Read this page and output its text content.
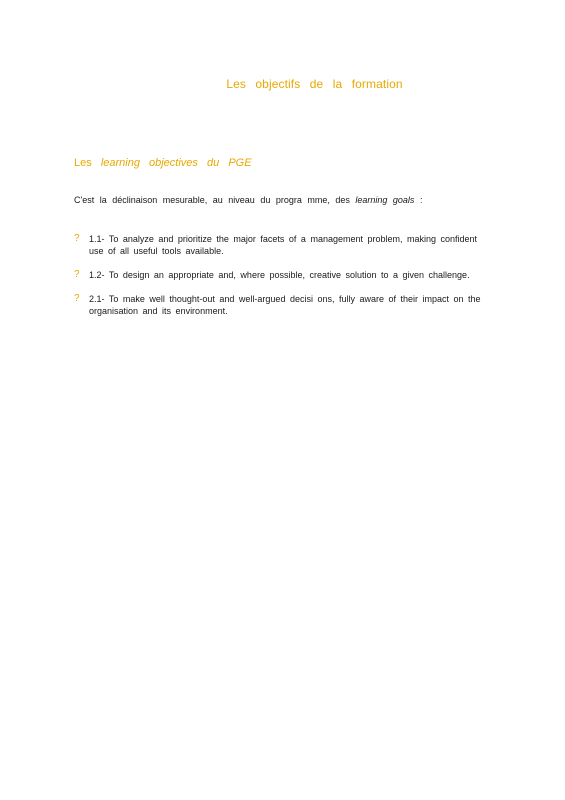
Les objectifs de la formation
Les learning objectives du PGE
C'est la déclinaison mesurable, au niveau du progra mme, des learning goals :
? 1.1- To analyze and prioritize the major facets of a management problem, making confident use of all useful tools available.
? 1.2- To design an appropriate and, where possible, creative solution to a given challenge.
? 2.1- To make well thought-out and well-argued decisi ons, fully aware of their impact on the organisation and its environment.
